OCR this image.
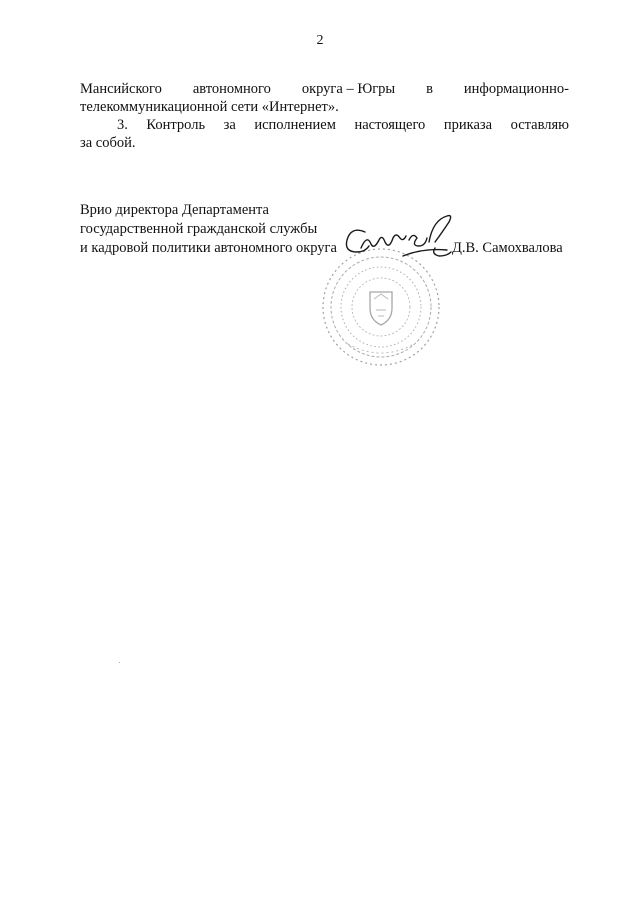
2
Мансийского автономного округа – Югры в информационно-
телекоммуникационной сети «Интернет».
3. Контроль за исполнением настоящего приказа оставляю
за собой.
Врио директора Департамента
государственной гражданской службы
и кадровой политики автономного округа	Д.В. Самохвалова
